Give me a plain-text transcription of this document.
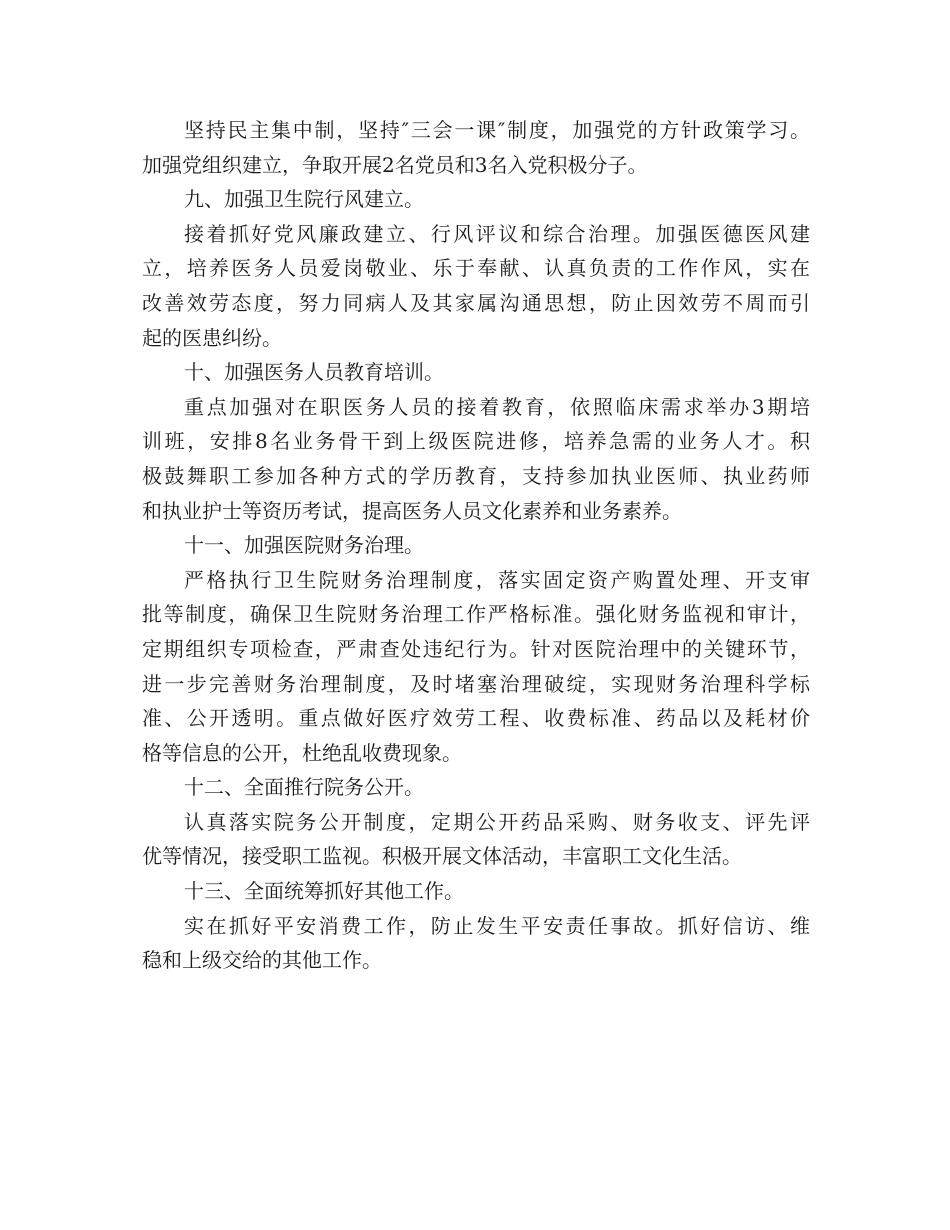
坚持民主集中制，坚持″三会一课″制度，加强党的方针政策学习。
加强党组织建立，争取开展2名党员和3名入党积极分子。
九、加强卫生院行风建立。
接着抓好党风廉政建立、行风评议和综合治理。加强医德医风建
立，培养医务人员爱岗敬业、乐于奉献、认真负责的工作作风，实在
改善效劳态度，努力同病人及其家属沟通思想，防止因效劳不周而引
起的医患纠纷。
十、加强医务人员教育培训。
重点加强对在职医务人员的接着教育，依照临床需求举办3期培
训班，安排8名业务骨干到上级医院进修，培养急需的业务人才。积
极鼓舞职工参加各种方式的学历教育，支持参加执业医师、执业药师
和执业护士等资历考试，提高医务人员文化素养和业务素养。
十一、加强医院财务治理。
严格执行卫生院财务治理制度，落实固定资产购置处理、开支审
批等制度，确保卫生院财务治理工作严格标准。强化财务监视和审计，
定期组织专项检查，严肃查处违纪行为。针对医院治理中的关键环节，
进一步完善财务治理制度，及时堵塞治理破绽，实现财务治理科学标
准、公开透明。重点做好医疗效劳工程、收费标准、药品以及耗材价
格等信息的公开，杜绝乱收费现象。
十二、全面推行院务公开。
认真落实院务公开制度，定期公开药品采购、财务收支、评先评
优等情况，接受职工监视。积极开展文体活动，丰富职工文化生活。
十三、全面统筹抓好其他工作。
实在抓好平安消费工作，防止发生平安责任事故。抓好信访、维
稳和上级交给的其他工作。
